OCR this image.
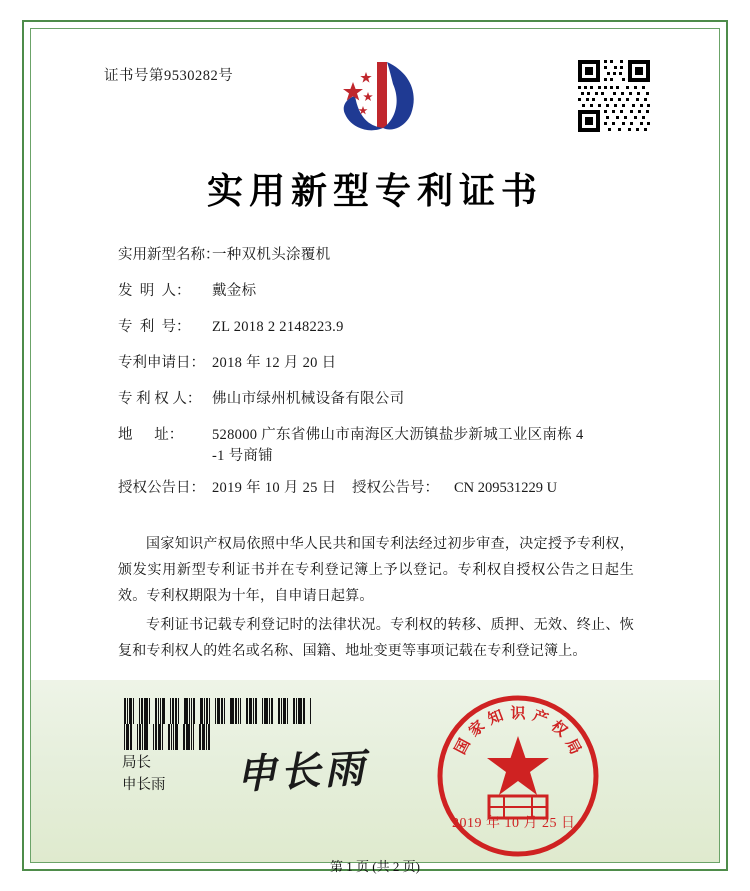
证书号第9530282号
实用新型专利证书
实用新型名称：一种双机头涂覆机
发  明  人： 戴金标
专  利  号： ZL 2018 2 2148223.9
专利申请日： 2018 年 12 月 20 日
专 利 权 人： 佛山市绿州机械设备有限公司
地      址： 528000 广东省佛山市南海区大沥镇盐步新城工业区南栋 4
-1 号商铺
授权公告日： 2019 年 10 月 25 日 授权公告号： CN 209531229 U

国家知识产权局依照中华人民共和国专利法经过初步审查，决定授予专利权，颁发实用新型专利证书并在专利登记簿上予以登记。专利权自授权公告之日起生效。专利权期限为十年，自申请日起算。

专利证书记载专利登记时的法律状况。专利权的转移、质押、无效、终止、恢复和专利权人的姓名或名称、国籍、地址变更等事项记载在专利登记簿上。

局长
申长雨 申长雨	国
家
知 识 产
权
局
2019 年 10 月 25 日
第 1 页 (共 2 页)
